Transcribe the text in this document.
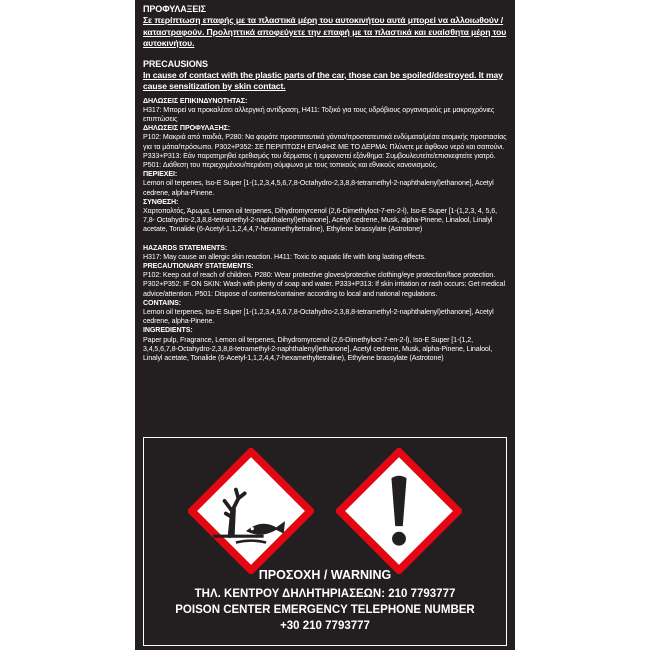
ΠΡΟΦΥΛΑΞΕΙΣ
Σε περίπτωση επαφής με τα πλαστικά μέρη του αυτοκινήτου αυτά μπορεί να αλλοιωθούν / καταστραφούν. Προληπτικά αποφεύγετε την επαφή με τα πλαστικά και ευαίσθητα μέρη του αυτοκινήτου.
PRECAUSIONS
In cause of contact with the plastic parts of the car, those can be spoiled/destroyed. It may cause sensitization by skin contact.
ΔΗΛΩΣΕΙΣ ΕΠΙΚΙΝΔΥΝΟΤΗΤΑΣ:
H317: Μπορεί να προκαλέσει αλλεργική αντίδραση, H411: Τοξικό για τους υδρόβιους οργανισμούς με μακροχρόνιες επιπτώσεις
ΔΗΛΩΣΕΙΣ ΠΡΟΦΥΛΑΞΗΣ:
P102: Μακριά από παιδιά, P280: Να φοράτε προστατευτικά γάντια/προστατευτικά ενδύματα/μέσα ατομικής προστασίας για τα μάτια/πρόσωπο. P302+P352: ΣΕ ΠΕΡΙΠΤΩΣΗ ΕΠΑΦΗΣ ΜΕ ΤΟ ΔΕΡΜΑ: Πλύνετε με άφθονο νερό και σαπούνι. P333+P313: Εάν παρατηρηθεί ερεθισμός του δέρματος ή εμφανιστεί εξάνθημα: Συμβουλευτείτε/επισκεφτείτε γιατρό.
P501: Διάθεση του περιεχομένου/περιέκτη σύμφωνα με τους τοπικούς και εθνικούς κανονισμούς.
ΠΕΡΙΕΧΕΙ:
Lemon oil terpenes, Iso-E Super [1-(1,2,3,4,5,6,7,8-Octahydro-2,3,8,8-tetramethyl-2-naphthalenyl)ethanone], Acetyl cedrene, alpha-Pinene.
ΣΥΝΘΕΣΗ:
Χαρτοπολτός, Άρωμα, Lemon oil terpenes, Dihydromyrcenol (2,6-Dimethyloct-7-en-2-l), Iso-E Super [1-(1,2,3, 4, 5,6, 7,8- Octahydro-2,3,8,8-tetramethyl-2-naphthalenyl)ethanone], Acetyl cedrene, Musk, alpha-Pinene, Linalool, Linalyl acetate, Tonalide (6-Acetyl-1,1,2,4,4,7-hexamethyltetraline), Ethylene brassylate (Astrotone)
HAZARDS STATEMENTS:
H317: May cause an allergic skin reaction. H411: Toxic to aquatic life with long lasting effects.
PRECAUTIONARY STATEMENTS:
P102: Keep out of reach of children. P280: Wear protective gloves/protective clothing/eye protection/face protection. P302+P352: IF ON SKIN: Wash with plenty of soap and water. P333+P313: If skin irritation or rash occurs: Get medical advice/attention. P501: Dispose of contents/container according to local and national regulations.
CONTAINS:
Lemon oil terpenes, Iso-E Super [1-(1,2,3,4,5,6,7,8-Octahydro-2,3,8,8-tetramethyl-2-naphthalenyl)ethanone], Acetyl cedrene, alpha-Pinene.
INGREDIENTS:
Paper pulp, Fragrance, Lemon oil terpenes, Dihydromyrcenol (2,6-Dimethyloct-7-en-2-l), Iso-E Super [1-(1,2, 3,4,5,6,7,8-Octahydro-2,3,8,8-tetramethyl-2-naphthalenyl)ethanone], Acetyl cedrene, Musk, alpha-Pinene, Linalool, Linalyl acetate, Tonalide (6-Acetyl-1,1,2,4,4,7-hexamethyltetraline), Ethylene brassylate (Astrotone)
ΠΡΟΣΟΧΗ / WARNING
ΤΗΛ. ΚΕΝΤΡΟΥ ΔΗΛΗΤΗΡΙΑΣΕΩΝ: 210 7793777
POISON CENTER EMERGENCY TELEPHONE NUMBER
+30 210 7793777
